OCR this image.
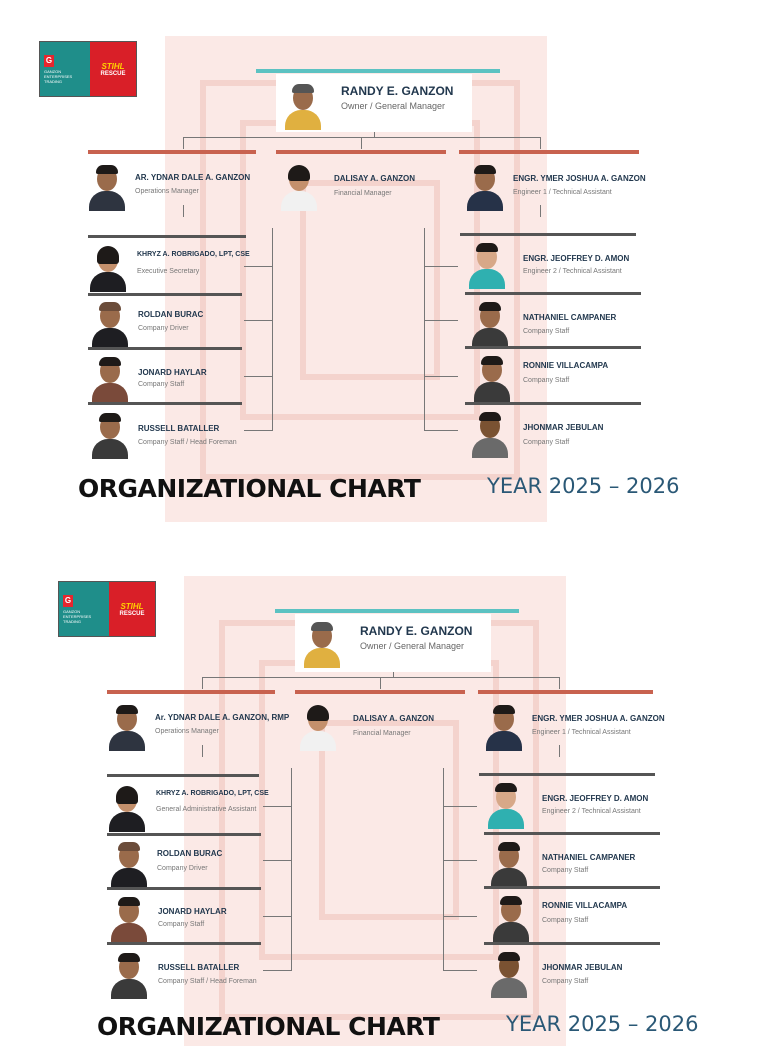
G
GANZON ENTERPRISES TRADING
STIHL
RESCUE
RANDY E. GANZON
Owner / General Manager
AR. YDNAR DALE A. GANZON
Operations Manager
DALISAY A. GANZON
Financial Manager
ENGR. YMER JOSHUA A. GANZON
Engineer 1 / Technical Assistant
KHRYZ A. ROBRIGADO, LPT, CSE
Executive Secretary
ROLDAN BURAC
Company Driver
JONARD HAYLAR
Company Staff
RUSSELL BATALLER
Company Staff / Head Foreman
ENGR. JEOFFREY D. AMON
Engineer 2 / Technical Assistant
NATHANIEL CAMPANER
Company Staff
RONNIE VILLACAMPA
Company Staff
JHONMAR JEBULAN
Company Staff
ORGANIZATIONAL CHART	YEAR 2025 – 2026
G
GANZON ENTERPRISES TRADING
STIHL
RESCUE
RANDY E. GANZON
Owner / General Manager
Ar. YDNAR DALE A. GANZON, RMP
Operations Manager
DALISAY A. GANZON
Financial Manager
ENGR. YMER JOSHUA A. GANZON
Engineer 1 / Technical Assistant
KHRYZ A. ROBRIGADO, LPT, CSE
General Administrative Assistant
ROLDAN BURAC
Company Driver
JONARD HAYLAR
Company Staff
RUSSELL BATALLER
Company Staff / Head Foreman
ENGR. JEOFFREY D. AMON
Engineer 2 / Technical Assistant
NATHANIEL CAMPANER
Company Staff
RONNIE VILLACAMPA
Company Staff
JHONMAR JEBULAN
Company Staff
ORGANIZATIONAL CHART	YEAR 2025 – 2026
